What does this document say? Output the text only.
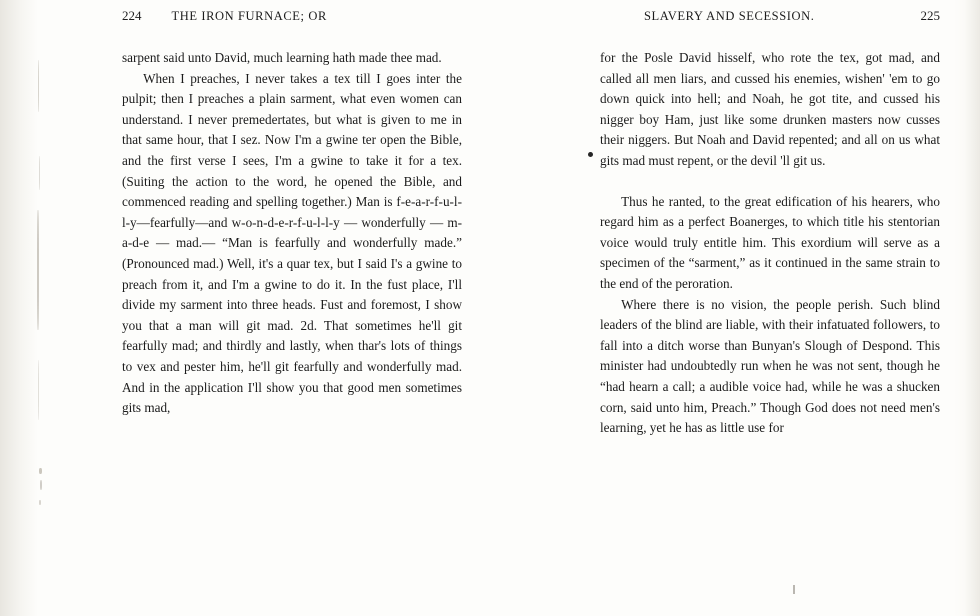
224 THE IRON FURNACE; OR

sarpent said unto David, much learning hath made thee mad.

When I preaches, I never takes a tex till I goes inter the pulpit; then I preaches a plain sarment, what even women can understand. I never premedertates, but what is given to me in that same hour, that I sez. Now I'm a gwine ter open the Bible, and the first verse I sees, I'm a gwine to take it for a tex. (Suiting the action to the word, he opened the Bible, and commenced reading and spelling together.) Man is f-e-a-r-f-u-l-l-y—fearfully—and w-o-n-d-e-r-f-u-l-l-y — wonderfully — m-a-d-e — mad.— “Man is fearfully and wonderfully made.” (Pronounced mad.) Well, it's a quar tex, but I said I's a gwine to preach from it, and I'm a gwine to do it. In the fust place, I'll divide my sarment into three heads. Fust and foremost, I show you that a man will git mad. 2d. That sometimes he'll git fearfully mad; and thirdly and lastly, when thar's lots of things to vex and pester him, he'll git fearfully and wonderfully mad. And in the application I'll show you that good men sometimes gits mad,

SLAVERY AND SECESSION.	225

for the Posle David hisself, who rote the tex, got mad, and called all men liars, and cussed his enemies, wishen' 'em to go down quick into hell; and Noah, he got tite, and cussed his nigger boy Ham, just like some drunken masters now cusses their niggers. But Noah and David repented; and all on us what gits mad must repent, or the devil 'll git us.

Thus he ranted, to the great edification of his hearers, who regard him as a perfect Boanerges, to which title his stentorian voice would truly entitle him. This exordium will serve as a specimen of the “sarment,” as it continued in the same strain to the end of the peroration.

Where there is no vision, the people perish. Such blind leaders of the blind are liable, with their infatuated followers, to fall into a ditch worse than Bunyan's Slough of Despond. This minister had undoubtedly run when he was not sent, though he “had hearn a call; a audible voice had, while he was a shucken corn, said unto him, Preach.” Though God does not need men's learning, yet he has as little use for
